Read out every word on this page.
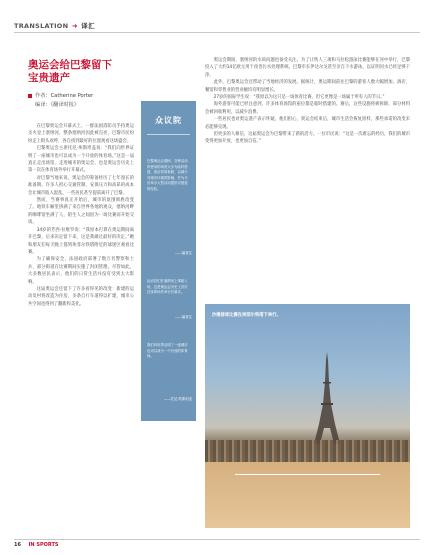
TRANSLATION ➜ 译汇
奥运会给巴黎留下
宝贵遗产
作者：Catherine Porter
编译：《翻译时报》

在巴黎奥运会开幕式上，一群法国消防员手持奥运圣火登上塞纳河，整条塞纳河因此被点亮，巴黎市民纷纷走上街头欢呼，各自找到最好的位置观看这场盛会。

巴黎奥运会主席托尼·埃斯坦盖说：“我们向世界证明了一座城市也可以成为一个开放的体育场。”这是一届真正走出场馆、走进城市的奥运会，也是奥运会历史上第一次在体育场外举行开幕式。

对巴黎当地来说，奥运会的筹备经历了七年漫长的准备期。许多人担心交通管制、安保压力和高昂的成本会让城市陷入混乱，一些居民甚至提前离开了巴黎。

然而，当赛事真正开始后，城市的氛围彻底改变了。地铁车厢里挤满了来自世界各地的观众，塞纳河畔的咖啡馆坐满了人，陌生人之间因为一场比赛而开始交谈。

34岁的芳西·拉维罗说：“我原本打算在奥运期间离开巴黎，后来决定留下来，这是我做过最好的决定。”她和朋友们每天晚上都到埃菲尔铁塔附近的球迷区观看比赛。

为了确保安全，法国政府部署了数万名警察和士兵，部分街道在比赛期间实施了封闭管理。尽管如此，大多数居民表示，他们的日常生活并没有受到太大影响。

这届奥运会还留下了许多看得见的改变：新建的运动员村将改造为住房，多条自行车道得以扩建，城市公共空间也得到了翻新和美化。

众议院
巴黎奥运会期间，各种活动所使用的场馆大多为临时搭建，赛后将被拆除，以减少对城市环境的影响，并为今后举办大型活动提供可借鉴的经验。
——编者注
运动员们在塞纳河上乘船入场，这是奥运会历史上首次在体育场外举行开幕式。
——编者注
我们向世界证明了一座城市也可以成为一个开放的体育场。
——托尼·埃斯坦盖

奥运会期间，塞纳河的水质问题也备受关注。为了让铁人三项和马拉松游泳比赛能够在河中举行，巴黎投入了大约14亿欧元用于改善污水处理系统。巴黎市长伊达尔戈甚至亲自下水游泳，以证明河水已经足够干净。

此外，巴黎奥运会还带动了当地经济的发展。据统计，奥运期间前往巴黎的游客人数大幅增加，酒店、餐馆和零售业的营业额均有明显增长。

27岁的国际学生说：“我原以为这只是一场体育比赛，但它更像是一场属于所有人的节日。”

海外游客可能已经注意到，许多体育场馆的座位都是临时搭建的。赛后，这些设施将被拆除，部分材料会被回收利用，以减少浪费。

一些居民也对奥运遗产表示怀疑。他们担心，奥运会结束后，城市生活会恢复原样，那些承诺的改变未必能够兑现。

但更多的人相信，这届奥运会为巴黎带来了新的活力。一位市民说：“这是一次难忘的经历，我们的城市变得更加开放，也更加自信。”

沙滩排球比赛在埃菲尔铁塔下举行。
16 IN SPORTS
